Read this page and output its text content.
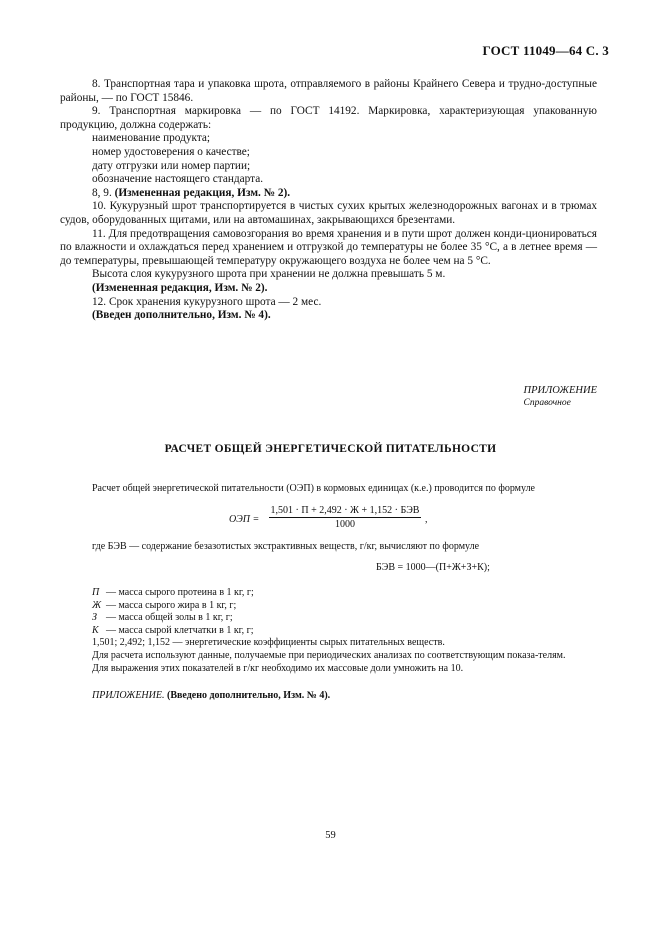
ГОСТ 11049—64 С. 3

8. Транспортная тара и упаковка шрота, отправляемого в районы Крайнего Севера и трудно-доступные районы, — по ГОСТ 15846.

9. Транспортная маркировка — по ГОСТ 14192. Маркировка, характеризующая упакованную продукцию, должна содержать:

наименование продукта;

номер удостоверения о качестве;

дату отгрузки или номер партии;

обозначение настоящего стандарта.

8, 9. (Измененная редакция, Изм. № 2).

10. Кукурузный шрот транспортируется в чистых сухих крытых железнодорожных вагонах и в трюмах судов, оборудованных щитами, или на автомашинах, закрывающихся брезентами.

11. Для предотвращения самовозгорания во время хранения и в пути шрот должен конди-ционироваться по влажности и охлаждаться перед хранением и отгрузкой до температуры не более 35 °С, а в летнее время — до температуры, превышающей температуру окружающего воздуха не более чем на 5 °С.

Высота слоя кукурузного шрота при хранении не должна превышать 5 м.

(Измененная редакция, Изм. № 2).

12. Срок хранения кукурузного шрота — 2 мес.

(Введен дополнительно, Изм. № 4).

ПРИЛОЖЕНИЕ
Справочное
РАСЧЕТ ОБЩЕЙ ЭНЕРГЕТИЧЕСКОЙ ПИТАТЕЛЬНОСТИ
Расчет общей энергетической питательности (ОЭП) в кормовых единицах (к.е.) проводится по формуле
ОЭП =
1,501 · П + 2,492 · Ж + 1,152 · БЭВ
1000	,
где БЭВ — содержание безазотистых экстрактивных веществ, г/кг, вычисляют по формуле
БЭВ = 1000—(П+Ж+З+К);
П — масса сырого протеина в 1 кг, г;
Ж — масса сырого жира в 1 кг, г;
З — масса общей золы в 1 кг, г;
К — масса сырой клетчатки в 1 кг, г;
1,501; 2,492; 1,152 — энергетические коэффициенты сырых питательных веществ.
Для расчета используют данные, получаемые при периодических анализах по соответствующим показа-телям.
Для выражения этих показателей в г/кг необходимо их массовые доли умножить на 10.
ПРИЛОЖЕНИЕ. (Введено дополнительно, Изм. № 4).
59
